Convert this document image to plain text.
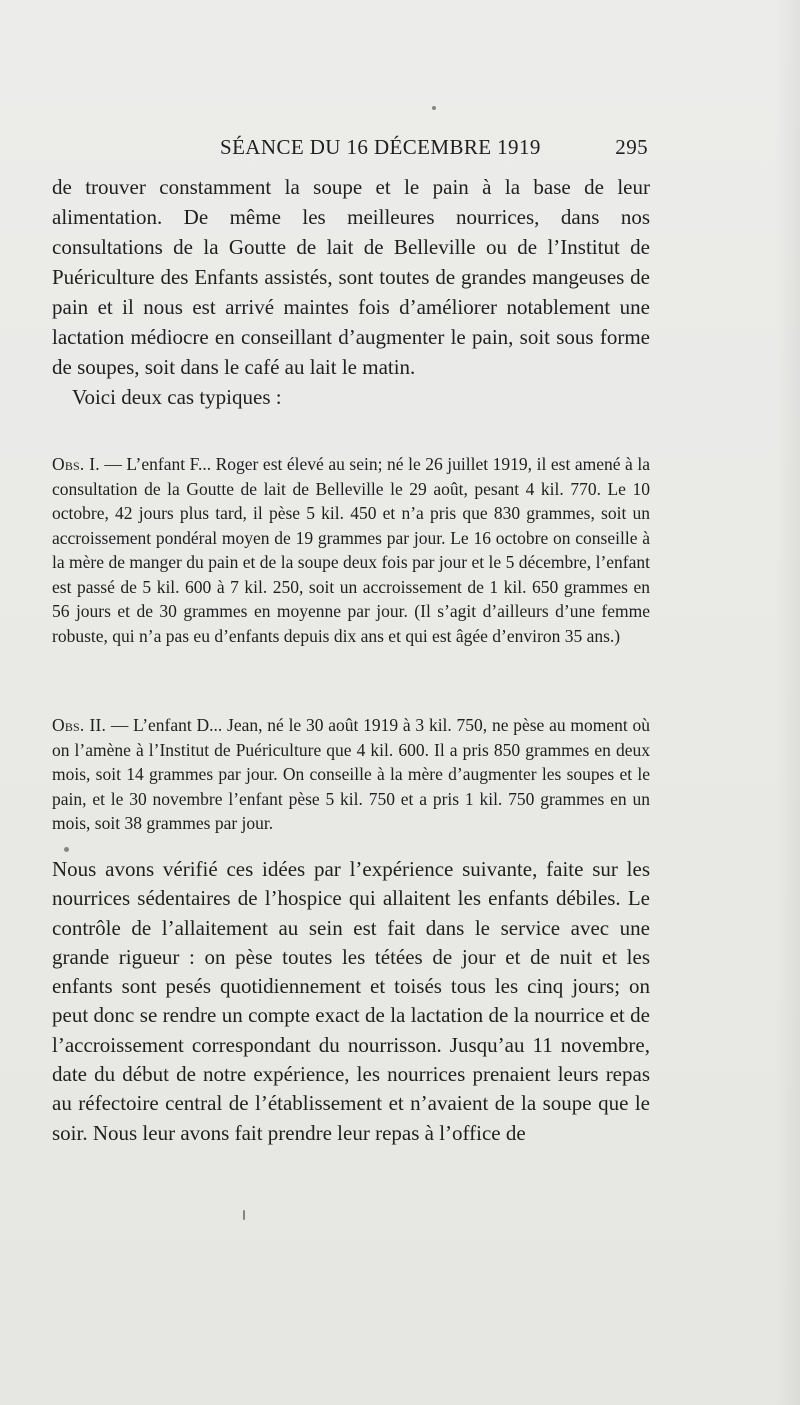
SÉANCE DU 16 DÉCEMBRE 1919	295

de trouver constamment la soupe et le pain à la base de leur alimentation. De même les meilleures nourrices, dans nos consultations de la Goutte de lait de Belleville ou de l’Institut de Puériculture des Enfants assistés, sont toutes de grandes mangeuses de pain et il nous est arrivé maintes fois d’améliorer notablement une lactation médiocre en conseillant d’augmenter le pain, soit sous forme de soupes, soit dans le café au lait le matin.

Voici deux cas typiques :

Obs. I. — L’enfant F... Roger est élevé au sein; né le 26 juillet 1919, il est amené à la consultation de la Goutte de lait de Belleville le 29 août, pesant 4 kil. 770. Le 10 octobre, 42 jours plus tard, il pèse 5 kil. 450 et n’a pris que 830 grammes, soit un accroissement pondéral moyen de 19 grammes par jour. Le 16 octobre on conseille à la mère de manger du pain et de la soupe deux fois par jour et le 5 décembre, l’enfant est passé de 5 kil. 600 à 7 kil. 250, soit un accroissement de 1 kil. 650 grammes en 56 jours et de 30 grammes en moyenne par jour. (Il s’agit d’ailleurs d’une femme robuste, qui n’a pas eu d’enfants depuis dix ans et qui est âgée d’environ 35 ans.)

Obs. II. — L’enfant D... Jean, né le 30 août 1919 à 3 kil. 750, ne pèse au moment où on l’amène à l’Institut de Puériculture que 4 kil. 600. Il a pris 850 grammes en deux mois, soit 14 grammes par jour. On conseille à la mère d’augmenter les soupes et le pain, et le 30 novembre l’enfant pèse 5 kil. 750 et a pris 1 kil. 750 grammes en un mois, soit 38 grammes par jour.

Nous avons vérifié ces idées par l’expérience suivante, faite sur les nourrices sédentaires de l’hospice qui allaitent les enfants débiles. Le contrôle de l’allaitement au sein est fait dans le service avec une grande rigueur : on pèse toutes les tétées de jour et de nuit et les enfants sont pesés quotidiennement et toisés tous les cinq jours; on peut donc se rendre un compte exact de la lactation de la nourrice et de l’accroissement correspondant du nourrisson. Jusqu’au 11 novembre, date du début de notre expérience, les nourrices prenaient leurs repas au réfectoire central de l’établissement et n’avaient de la soupe que le soir. Nous leur avons fait prendre leur repas à l’office de
